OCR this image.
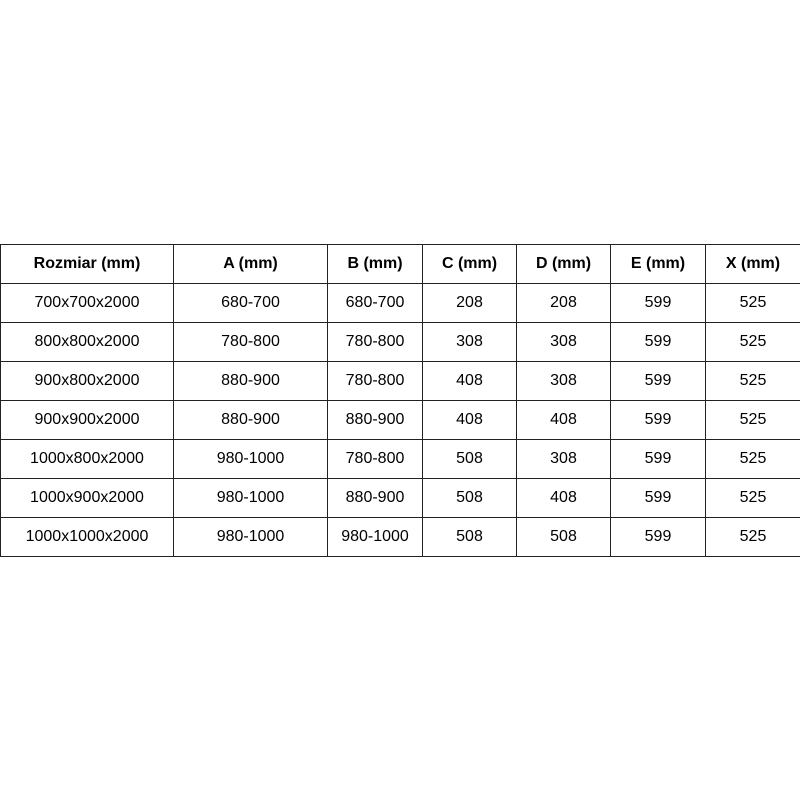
Rozmiar (mm)	A (mm)	B (mm)	C (mm)	D (mm)	E (mm)	X (mm)
700x700x2000	680-700	680-700	208	208	599	525
800x800x2000	780-800	780-800	308	308	599	525
900x800x2000	880-900	780-800	408	308	599	525
900x900x2000	880-900	880-900	408	408	599	525
1000x800x2000	980-1000	780-800	508	308	599	525
1000x900x2000	980-1000	880-900	508	408	599	525
1000x1000x2000	980-1000	980-1000	508	508	599	525
